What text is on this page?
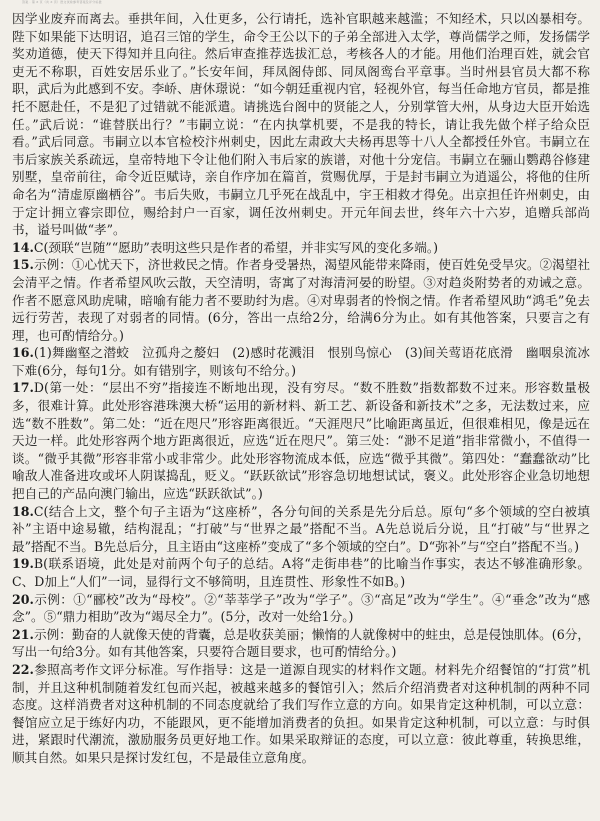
答案 · 第 X 页（共 X 页）语文试卷参考答案及评分标准

因学业废弃而离去。垂拱年间，入仕更多，公行请托，选补官职越来越滥；不知经术，只以凶暴相夸。陛下如果能下达明诏，追召三馆的学生，命令王公以下的子弟全部进入太学，尊尚儒学之师，发扬儒学奖劝道德，使天下得知并且向往。然后审查推荐选拔汇总，考核各人的才能。用他们治理百姓，就会官吏无不称职，百姓安居乐业了。”长安年间，拜凤阁侍郎、同凤阁鸾台平章事。当时州县官员大都不称职，武后为此感到不安。李峤、唐休璟说：“如今朝廷重视内官，轻视外官，每当任命地方官员，都是推托不愿赴任，不是犯了过错就不能派遣。请挑选台阁中的贤能之人，分别掌管大州，从身边大臣开始选任。”武后说：“谁替朕出行？”韦嗣立说：“在内执掌机要，不是我的特长，请让我先做个样子给众臣看。”武后同意。韦嗣立以本官检校汴州刺史，因此左肃政大夫杨再思等十八人全都授任外官。韦嗣立在韦后家族关系疏远，皇帝特地下令让他们附入韦后家的族谱，对他十分宠信。韦嗣立在骊山鹦鹉谷修建别墅，皇帝前往，命令近臣赋诗，亲自作序加在篇首，赏赐优厚，于是封韦嗣立为逍遥公，将他的住所命名为“清虚原幽栖谷”。韦后失败，韦嗣立几乎死在战乱中，宇王相救才得免。出京担任许州刺史，由于定计拥立睿宗即位，赐给封户一百家，调任汝州刺史。开元年间去世，终年六十六岁，追赠兵部尚书，谥号叫做“孝”。

14.C(颈联“岂随”“愿助”表明这些只是作者的希望，并非实写风的变化多端。)

15.示例：①心忧天下，济世救民之情。作者身受暑热，渴望风能带来降雨，使百姓免受旱灾。②渴望社会清平之情。作者希望风吹云散，天空清明，寄寓了对海清河晏的盼望。③对趋炎附势者的劝诫之意。作者不愿意风助虎啸，暗喻有能力者不要助纣为虐。④对卑弱者的怜悯之情。作者希望风助“鸿毛”免去远行劳苦，表现了对弱者的同情。(6分，答出一点给2分，给满6分为止。如有其他答案，只要言之有理，也可酌情给分。)

16.(1)舞幽壑之潜蛟　泣孤舟之嫠妇　(2)感时花溅泪　恨别鸟惊心　(3)间关莺语花底滑　幽咽泉流冰下难(6分，每句1分。如有错别字，则该句不给分。)

17.D(第一处：“层出不穷”指接连不断地出现，没有穷尽。“数不胜数”指数都数不过来。形容数量极多，很难计算。此处形容港珠澳大桥“运用的新材料、新工艺、新设备和新技术”之多，无法数过来，应选“数不胜数”。第二处：“近在咫尺”形容距离很近。“天涯咫尺”比喻距离虽近，但很难相见，像是远在天边一样。此处形容两个地方距离很近，应选“近在咫尺”。第三处：“渺不足道”指非常微小，不值得一谈。“微乎其微”形容非常小或非常少。此处形容物流成本低，应选“微乎其微”。第四处：“蠢蠢欲动”比喻敌人准备进攻或坏人阴谋捣乱，贬义。“跃跃欲试”形容急切地想试试，褒义。此处形容企业急切地想把自己的产品向澳门输出，应选“跃跃欲试”。)

18.C(结合上文，整个句子主语为“这座桥”，各分句间的关系是先分后总。原句“多个领域的空白被填补”主语中途易辙，结构混乱；“打破”与“世界之最”搭配不当。A先总说后分说，且“打破”与“世界之最”搭配不当。B先总后分，且主语由“这座桥”变成了“多个领域的空白”。D“弥补”与“空白”搭配不当。)

19.B(联系语境，此处是对前两个句子的总结。A将“走街串巷”的比喻当作事实，表达不够准确形象。C、D加上“人们”一词，显得行文不够简明，且连贯性、形象性不如B。)

20.示例：①“郦校”改为“母校”。②“莘莘学子”改为“学子”。③“高足”改为“学生”。④“垂念”改为“感念”。⑤“鼎力相助”改为“竭尽全力”。(5分，改对一处给1分。)

21.示例：勤奋的人就像天使的背囊，总是收获美丽；懒惰的人就像树中的蛀虫，总是侵蚀肌体。(6分，写出一句给3分。如有其他答案，只要符合题目要求，也可酌情给分。)

22.参照高考作文评分标准。写作指导：这是一道源自现实的材料作文题。材料先介绍餐馆的“打赏”机制，并且这种机制随着发红包而兴起，被越来越多的餐馆引入；然后介绍消费者对这种机制的两种不同态度。这样消费者对这种机制的不同态度就给了我们写作立意的方向。如果肯定这种机制，可以立意：餐馆应立足于练好内功，不能跟风，更不能增加消费者的负担。如果肯定这种机制，可以立意：与时俱进，紧跟时代潮流，激励服务员更好地工作。如果采取辩证的态度，可以立意：彼此尊重，转换思维，顺其自然。如果只是探讨发红包，不是最佳立意角度。
